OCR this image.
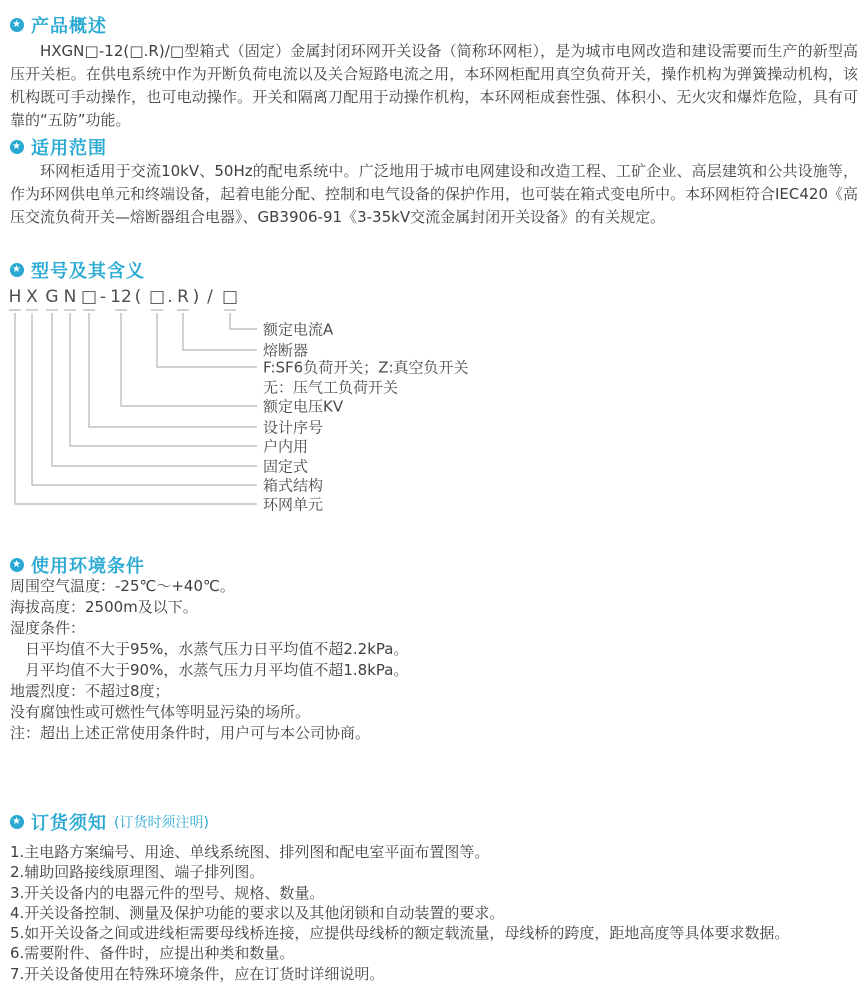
★ 产品概述
HXGN□-12(□.R)/□型箱式（固定）金属封闭环网开关设备（简称环网柜），是为城市电网改造和建设需要而生产的新型高压开关柜。在供电系统中作为开断负荷电流以及关合短路电流之用，本环网柜配用真空负荷开关，操作机构为弹簧操动机构，该机构既可手动操作，也可电动操作。开关和隔离刀配用于动操作机构，本环网柜成套性强、体积小、无火灾和爆炸危险，具有可靠的“五防”功能。
★ 适用范围
环网柜适用于交流10kV、50Hz的配电系统中。广泛地用于城市电网建设和改造工程、工矿企业、高层建筑和公共设施等，作为环网供电单元和终端设备，起着电能分配、控制和电气设备的保护作用，也可装在箱式变电所中。本环网柜符合IEC420《高压交流负荷开关—熔断器组合电器》、GB3906-91《3-35kV交流金属封闭开关设备》的有关规定。
★ 型号及其含义
H X G N □ - 12 ( □ . R ) / □
额定电流A
熔断器
F:SF6负荷开关；Z:真空负开关
无：压气工负荷开关
额定电压KV
设计序号
户内用
固定式
箱式结构
环网单元
★ 使用环境条件
周围空气温度：-25℃～+40℃。
海拔高度：2500m及以下。
湿度条件：
日平均值不大于95%，水蒸气压力日平均值不超2.2kPa。
月平均值不大于90%，水蒸气压力月平均值不超1.8kPa。
地震烈度：不超过8度；
没有腐蚀性或可燃性气体等明显污染的场所。
注：超出上述正常使用条件时，用户可与本公司协商。
★ 订货须知 (订货时须注明)
1.主电路方案编号、用途、单线系统图、排列图和配电室平面布置图等。
2.辅助回路接线原理图、端子排列图。
3.开关设备内的电器元件的型号、规格、数量。
4.开关设备控制、测量及保护功能的要求以及其他闭锁和自动装置的要求。
5.如开关设备之间或进线柜需要母线桥连接，应提供母线桥的额定载流量，母线桥的跨度，距地高度等具体要求数据。
6.需要附件、备件时，应提出种类和数量。
7.开关设备使用在特殊环境条件，应在订货时详细说明。
